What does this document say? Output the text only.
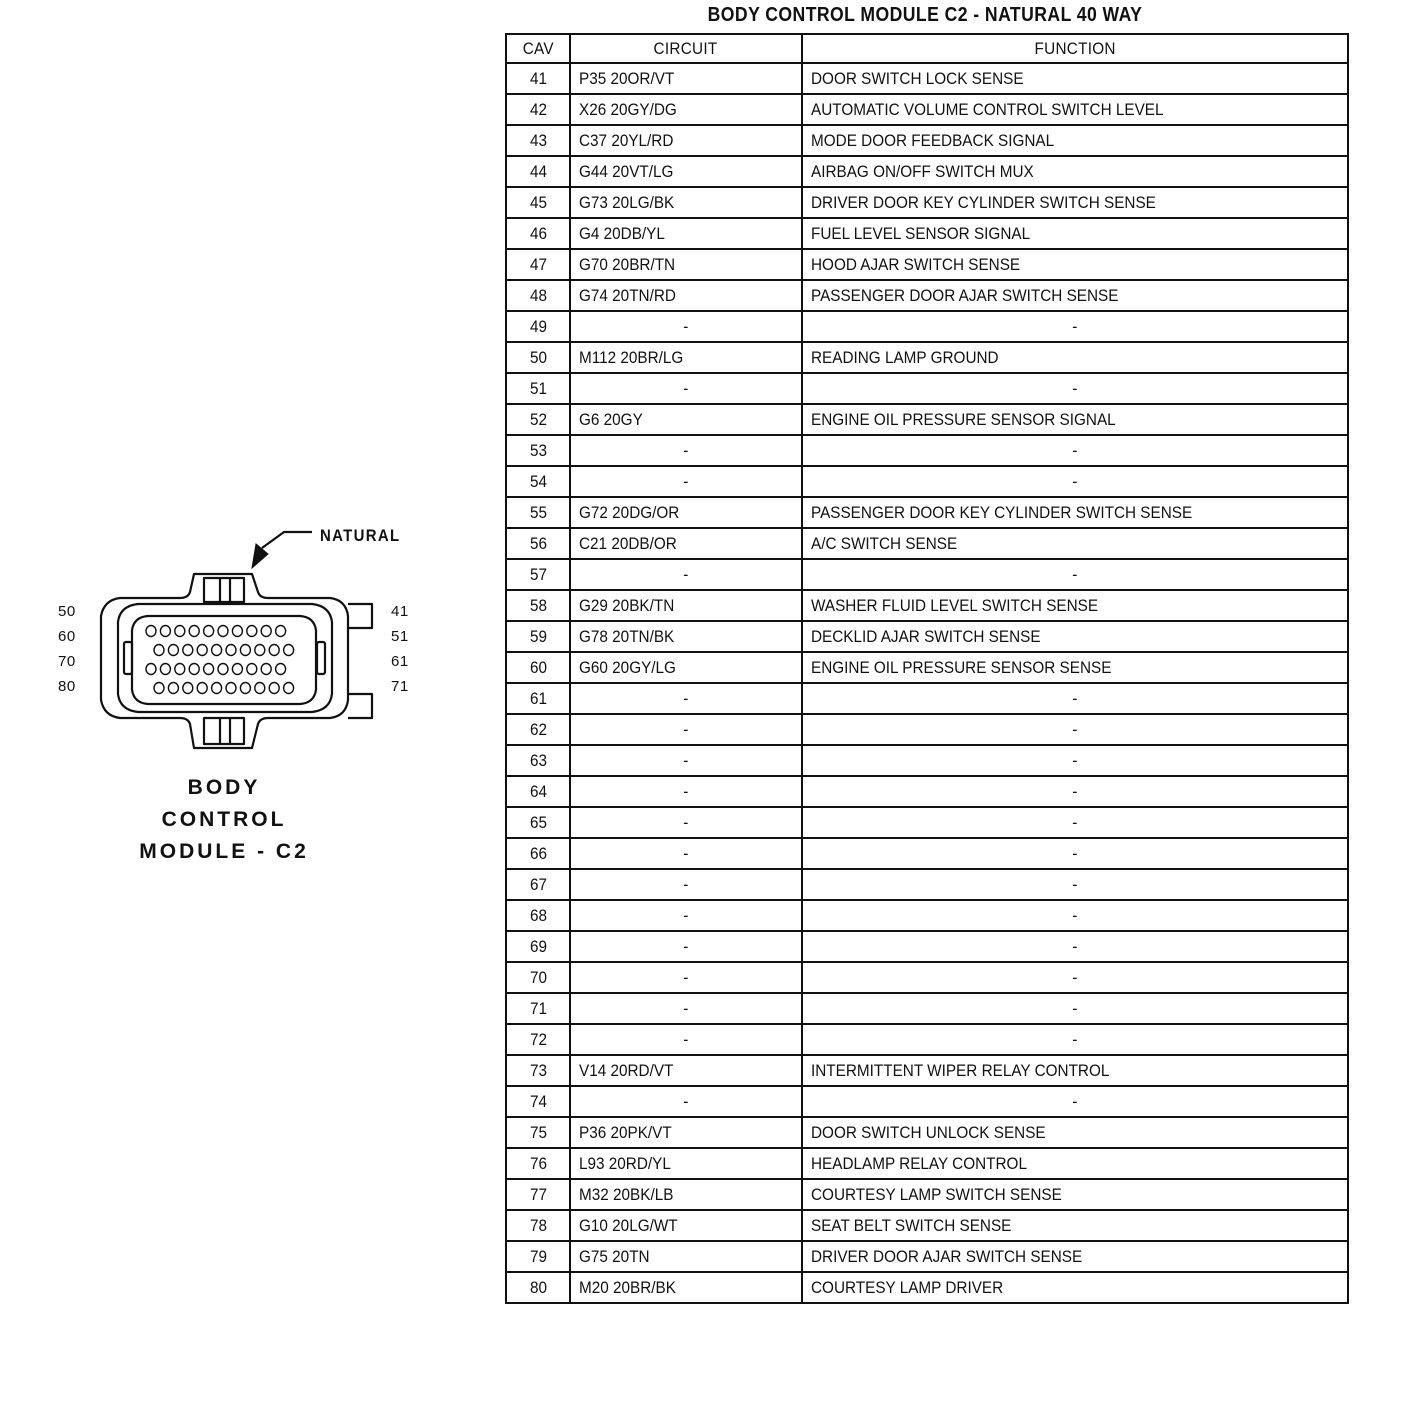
NATURAL
50
60
70
80
41
51
61
71
BODY
CONTROL
MODULE - C2
BODY CONTROL MODULE C2 - NATURAL 40 WAY
CAV	CIRCUIT	FUNCTION
41	P35 20OR/VT	DOOR SWITCH LOCK SENSE
42	X26 20GY/DG	AUTOMATIC VOLUME CONTROL SWITCH LEVEL
43	C37 20YL/RD	MODE DOOR FEEDBACK SIGNAL
44	G44 20VT/LG	AIRBAG ON/OFF SWITCH MUX
45	G73 20LG/BK	DRIVER DOOR KEY CYLINDER SWITCH SENSE
46	G4 20DB/YL	FUEL LEVEL SENSOR SIGNAL
47	G70 20BR/TN	HOOD AJAR SWITCH SENSE
48	G74 20TN/RD	PASSENGER DOOR AJAR SWITCH SENSE
49	-	-
50	M112 20BR/LG	READING LAMP GROUND
51	-	-
52	G6 20GY	ENGINE OIL PRESSURE SENSOR SIGNAL
53	-	-
54	-	-
55	G72 20DG/OR	PASSENGER DOOR KEY CYLINDER SWITCH SENSE
56	C21 20DB/OR	A/C SWITCH SENSE
57	-	-
58	G29 20BK/TN	WASHER FLUID LEVEL SWITCH SENSE
59	G78 20TN/BK	DECKLID AJAR SWITCH SENSE
60	G60 20GY/LG	ENGINE OIL PRESSURE SENSOR SENSE
61	-	-
62	-	-
63	-	-
64	-	-
65	-	-
66	-	-
67	-	-
68	-	-
69	-	-
70	-	-
71	-	-
72	-	-
73	V14 20RD/VT	INTERMITTENT WIPER RELAY CONTROL
74	-	-
75	P36 20PK/VT	DOOR SWITCH UNLOCK SENSE
76	L93 20RD/YL	HEADLAMP RELAY CONTROL
77	M32 20BK/LB	COURTESY LAMP SWITCH SENSE
78	G10 20LG/WT	SEAT BELT SWITCH SENSE
79	G75 20TN	DRIVER DOOR AJAR SWITCH SENSE
80	M20 20BR/BK	COURTESY LAMP DRIVER
